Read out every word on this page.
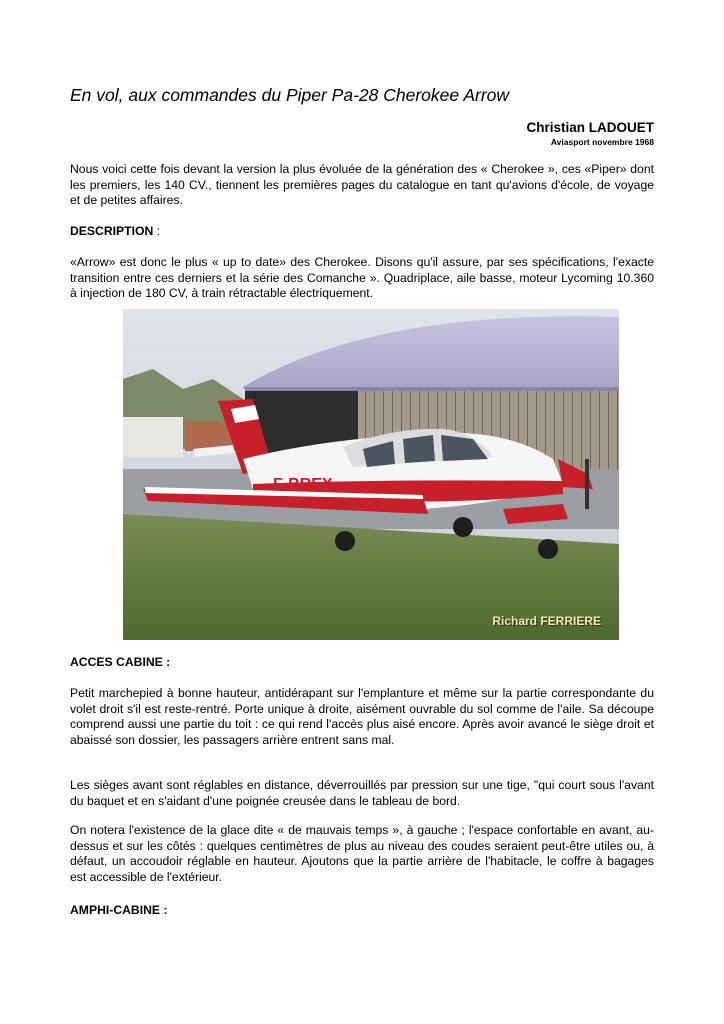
En vol, aux commandes du Piper Pa-28 Cherokee Arrow
Christian LADOUET
Aviasport novembre 1968

Nous voici cette fois devant la version la plus évoluée de la génération des « Cherokee », ces «Piper» dont les premiers, les 140 CV., tiennent les premières pages du catalogue en tant qu'avions d'école, de voyage et de petites affaires.

DESCRIPTION :

«Arrow» est donc le plus « up to date» des Cherokee. Disons qu'il assure, par ses spécifications, l'exacte transition entre ces derniers et la série des Comanche ». Quadriplace, aile basse, moteur Lycoming 10.360 à injection de 180 CV, à train rétractable électriquement.

F-BREX
Richard FERRIERE

ACCES CABINE :

Petit marchepied à bonne hauteur, antidérapant sur l'emplanture et même sur la partie correspondante du volet droit s'il est reste-rentré. Porte unique à droite, aisément ouvrable du sol comme de l'aile. Sa découpe comprend aussi une partie du toit : ce qui rend l'accès plus aisé encore. Après avoir avancé le siège droit et abaissé son dossier, les passagers arrière entrent sans mal.

Les sièges avant sont réglables en distance, déverrouillés par pression sur une tige, "qui court sous l'avant du baquet et en s'aidant d'une poignée creusée dans le tableau de bord.

On notera l'existence de la glace dite « de mauvais temps », à gauche ; l'espace confortable en avant, au-dessus et sur les côtés : quelques centimètres de plus au niveau des coudes seraient peut-être utiles ou, à défaut, un accoudoir réglable en hauteur. Ajoutons que la partie arrière de l'habitacle, le coffre à bagages est accessible de l'extérieur.

AMPHI-CABINE :
